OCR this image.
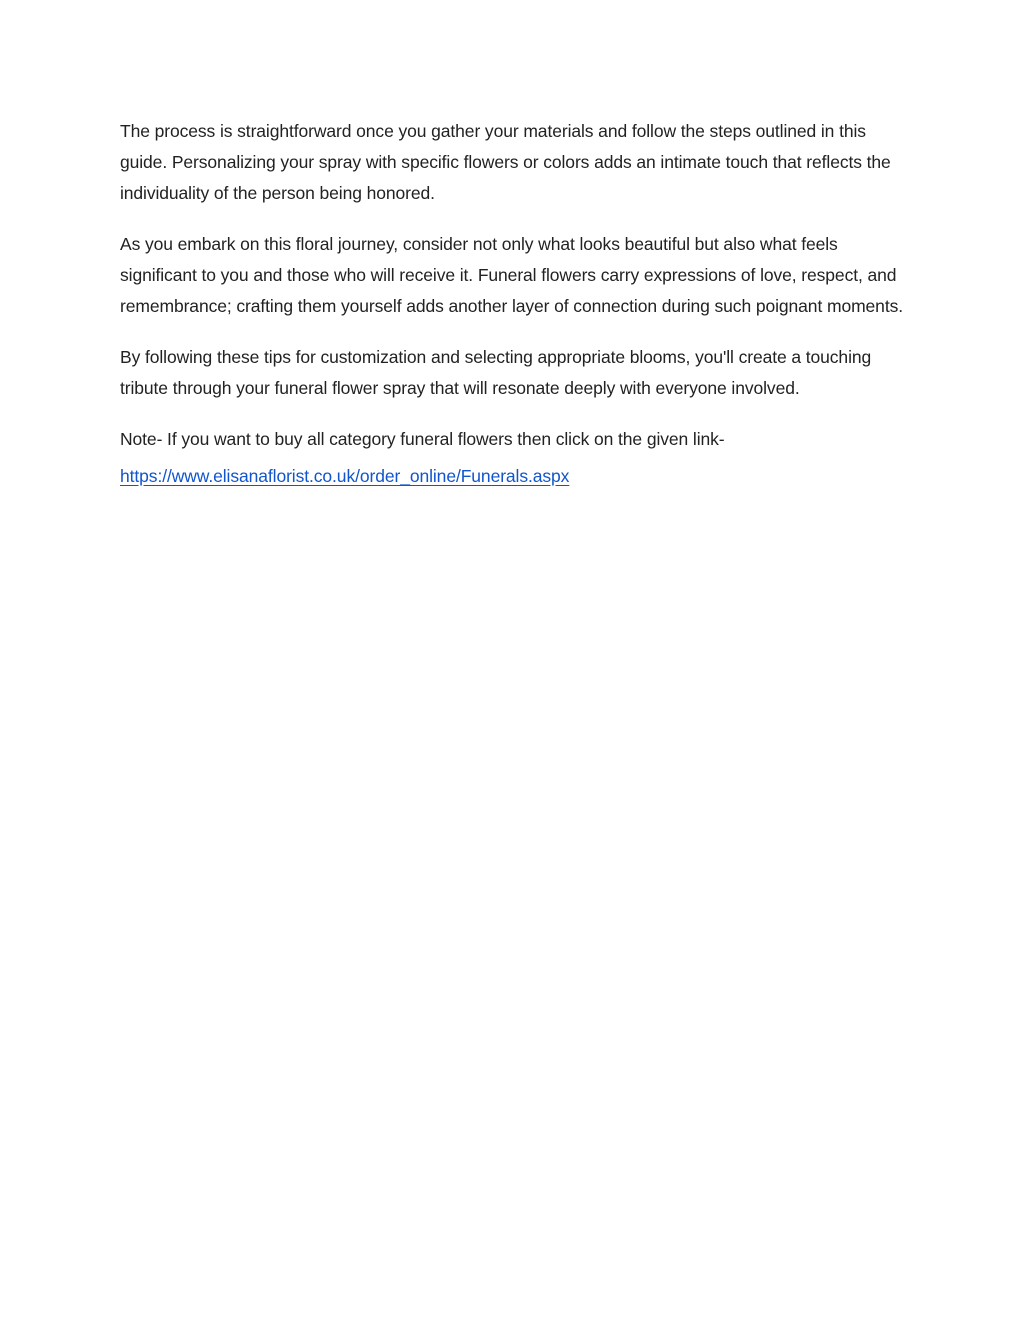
The process is straightforward once you gather your materials and follow the steps outlined in this guide. Personalizing your spray with specific flowers or colors adds an intimate touch that reflects the individuality of the person being honored.

As you embark on this floral journey, consider not only what looks beautiful but also what feels significant to you and those who will receive it. Funeral flowers carry expressions of love, respect, and remembrance; crafting them yourself adds another layer of connection during such poignant moments.

By following these tips for customization and selecting appropriate blooms, you'll create a touching tribute through your funeral flower spray that will resonate deeply with everyone involved.

Note- If you want to buy all category funeral flowers then click on the given link-

https://www.elisanaflorist.co.uk/order_online/Funerals.aspx
